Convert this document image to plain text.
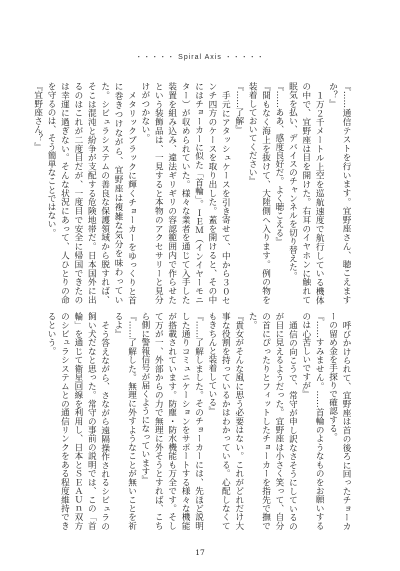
・・・・・ Spiral Axis ・・・・・

『……通信テストを行います。宜野座さん、聴こえますか？』

１万２千メートル上空を巡航速度で航行している機体の中で、宜野座は目を開けた。右耳のイヤホンに触れて眠気を払い、デバイスのチャンネルを切り替えた。

『……ああ、感度良好だ。よく聴こえる』

『間もなく海上を抜けて、大陸側へ入ります。例の物を装着しておいてください』

『……了解』

手元にアタッシュケースを引き寄せて、中から３０センチ四方のケースを取り出した。蓋を開けると、その中にはチョーカーに似た「首輪」。ＩＥＭ（インイヤーモニター）が収められていた。様々な業者を通じて入手した装置を組み込み、違法ギリギリの容認範囲内で作らせたという装飾品は、一見すると本物のアクセサリーと見分けがつかない。

メタリックブラックに輝くチョーカーをゆっくりと首に巻きつけながら、宜野座は複雑な気分を味わっていた。シビュラシステムの善良な保護領域から脱すれば、そこは混沌と紛争が支配する危険地帯だ。日本国外に出るのはこれが二度目だが、一度目で安全に帰国できたのは幸運に過ぎない。そんな状況にあって、人ひとりの命を守るのは、そう簡単なことではない。

『宜野座さん？』

呼びかけられて、宜野座は首の後ろに回ったチョーカーの留め金を手探りで確認する。

『……すみません。……首輪のようなものをお願いするのは心苦しいですが』

通信の向こうで、常守が申し訳なさそうにしているのが目に見えるようだった。宜野座は小さく笑って、自分の首にぴったりとフィットしたチョーカーを指先で撫でた。

『貴女がそんな風に思う必要はない。これがどれだけ大事な役割を持っているかはわかっている。心配しなくてもきちんと装着している』

『……了解しました。そのチョーカーには、先ほど説明した通りコミュニケーションをサポートする様々な機能が搭載されています。防塵・防水機能も万全です。そして万が一、外部からの力で無理に外そうとすれば、こちら側に警報信号が届くようになっています』

『……了解した。無理に外すようなことが無いことを祈るよ』

そう答えながら、さながら遠隔操作されるシビュラの飼い犬だなと思った。常守の事前の説明では、この「首輪」を通じて衛星回線を利用し、日本とＳＥＡＵｎ双方のシビュラシステムとの通信リンクをある程度維持できるという。

17
